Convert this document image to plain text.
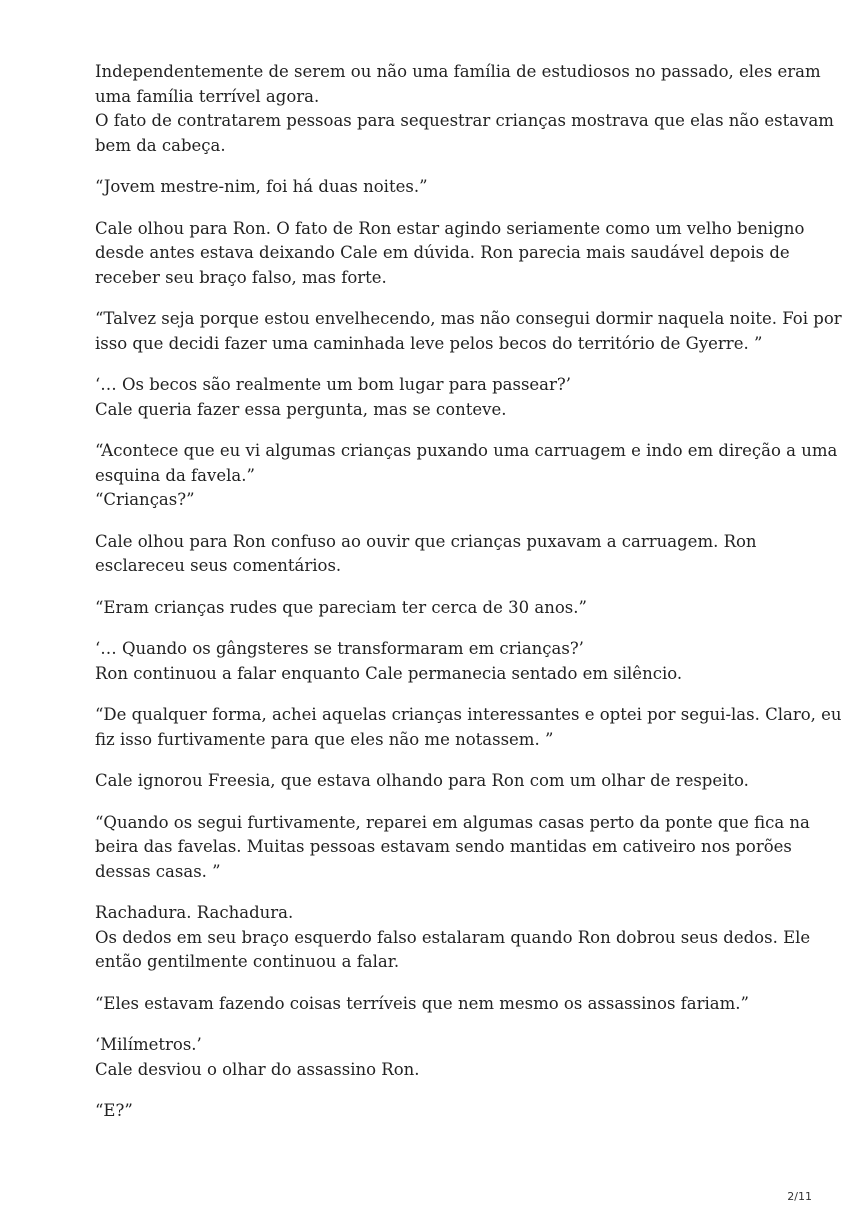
Independentemente de serem ou não uma família de estudiosos no passado, eles eram
uma família terrível agora.
O fato de contratarem pessoas para sequestrar crianças mostrava que elas não estavam
bem da cabeça.

“Jovem mestre-nim, foi há duas noites.”

Cale olhou para Ron. O fato de Ron estar agindo seriamente como um velho benigno
desde antes estava deixando Cale em dúvida. Ron parecia mais saudável depois de
receber seu braço falso, mas forte.

“Talvez seja porque estou envelhecendo, mas não consegui dormir naquela noite. Foi por
isso que decidi fazer uma caminhada leve pelos becos do território de Gyerre. ”

‘… Os becos são realmente um bom lugar para passear?’
Cale queria fazer essa pergunta, mas se conteve.

“Acontece que eu vi algumas crianças puxando uma carruagem e indo em direção a uma
esquina da favela.”
“Crianças?”

Cale olhou para Ron confuso ao ouvir que crianças puxavam a carruagem. Ron
esclareceu seus comentários.

“Eram crianças rudes que pareciam ter cerca de 30 anos.”

‘… Quando os gângsteres se transformaram em crianças?’
Ron continuou a falar enquanto Cale permanecia sentado em silêncio.

“De qualquer forma, achei aquelas crianças interessantes e optei por segui-las. Claro, eu
fiz isso furtivamente para que eles não me notassem. ”

Cale ignorou Freesia, que estava olhando para Ron com um olhar de respeito.

“Quando os segui furtivamente, reparei em algumas casas perto da ponte que fica na
beira das favelas. Muitas pessoas estavam sendo mantidas em cativeiro nos porões
dessas casas. ”

Rachadura. Rachadura.
Os dedos em seu braço esquerdo falso estalaram quando Ron dobrou seus dedos. Ele
então gentilmente continuou a falar.

“Eles estavam fazendo coisas terríveis que nem mesmo os assassinos fariam.”

‘Milímetros.’
Cale desviou o olhar do assassino Ron.

“E?”

2/11
